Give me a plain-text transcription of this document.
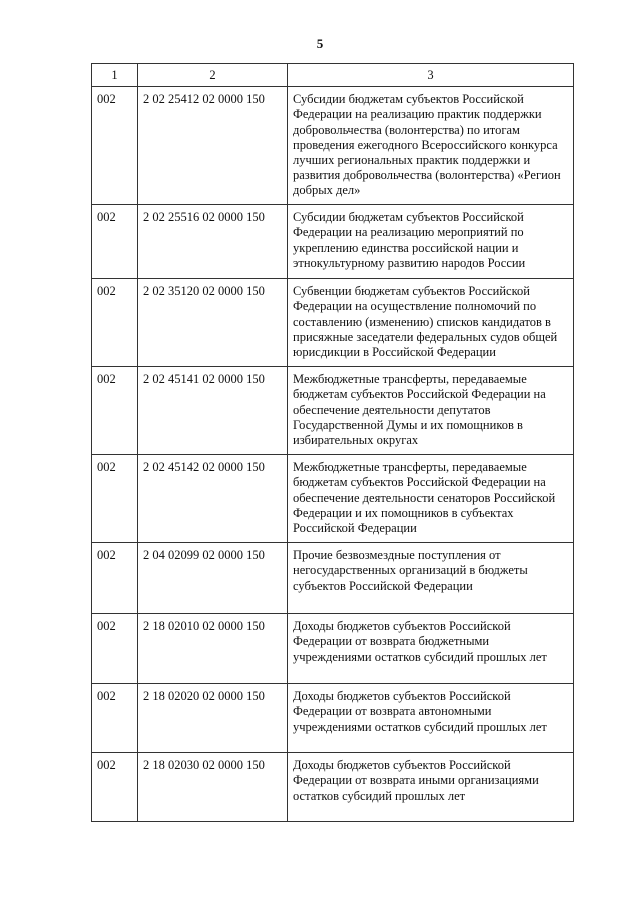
5
1	2	3
002	2 02 25412 02 0000 150	Субсидии бюджетам субъектов Российской Федерации на реализацию практик поддержки добровольчества (волонтерства) по итогам проведения ежегодного Всероссийского конкурса лучших региональных практик поддержки и развития добровольчества (волонтерства) «Регион добрых дел»
002	2 02 25516 02 0000 150	Субсидии бюджетам субъектов Российской Федерации на реализацию мероприятий по укреплению единства российской нации и этнокультурному развитию народов России
002	2 02 35120 02 0000 150	Субвенции бюджетам субъектов Российской Федерации на осуществление полномочий по составлению (изменению) списков кандидатов в присяжные заседатели федеральных судов общей юрисдикции в Российской Федерации
002	2 02 45141 02 0000 150	Межбюджетные трансферты, передаваемые бюджетам субъектов Российской Федерации на обеспечение деятельности депутатов Государственной Думы и их помощников в избирательных округах
002	2 02 45142 02 0000 150	Межбюджетные трансферты, передаваемые бюджетам субъектов Российской Федерации на обеспечение деятельности сенаторов Российской Федерации и их помощников в субъектах Российской Федерации
002	2 04 02099 02 0000 150	Прочие безвозмездные поступления от негосударственных организаций в бюджеты субъектов Российской Федерации
002	2 18 02010 02 0000 150	Доходы бюджетов субъектов Российской Федерации от возврата бюджетными учреждениями остатков субсидий прошлых лет
002	2 18 02020 02 0000 150	Доходы бюджетов субъектов Российской Федерации от возврата автономными учреждениями остатков субсидий прошлых лет
002	2 18 02030 02 0000 150	Доходы бюджетов субъектов Российской Федерации от возврата иными организациями остатков субсидий прошлых лет
